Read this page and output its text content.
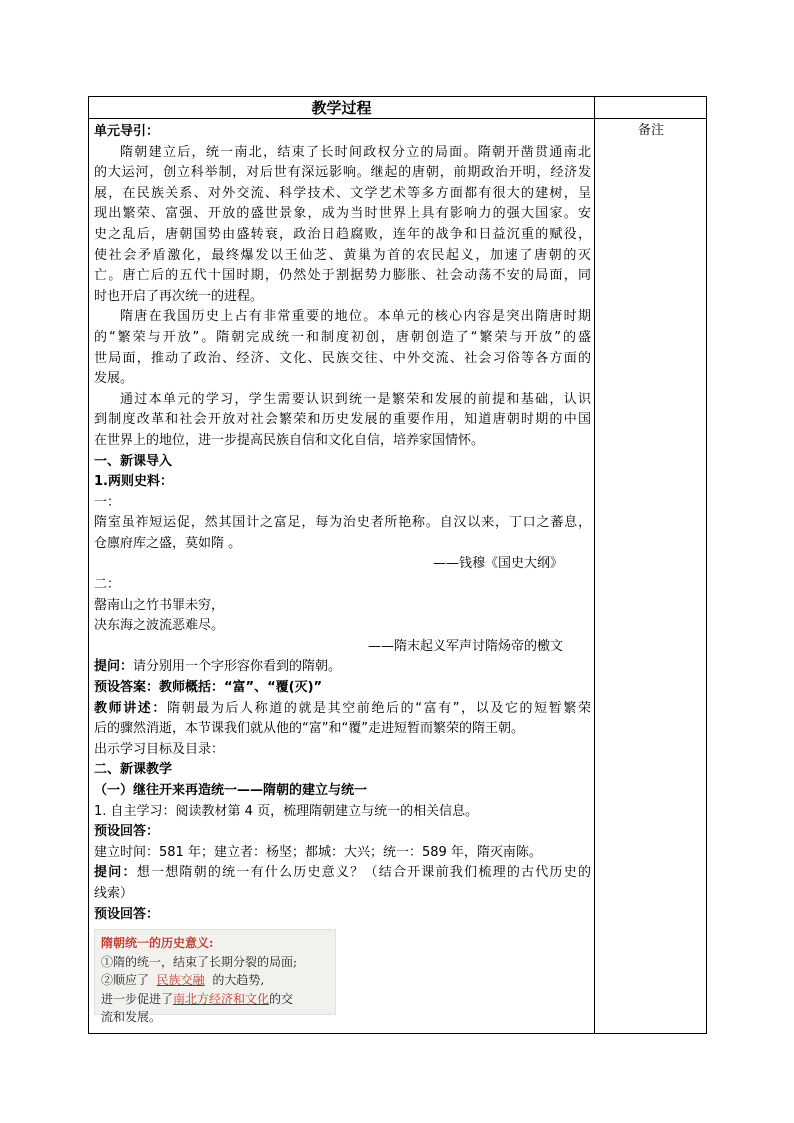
教学过程
备注
单元导引：
隋朝建立后，统一南北，结束了长时间政权分立的局面。隋朝开凿贯通南北
的大运河，创立科举制，对后世有深远影响。继起的唐朝，前期政治开明，经济发
展，在民族关系、对外交流、科学技术、文学艺术等多方面都有很大的建树，呈
现出繁荣、富强、开放的盛世景象，成为当时世界上具有影响力的强大国家。安
史之乱后，唐朝国势由盛转衰，政治日趋腐败，连年的战争和日益沉重的赋役，
使社会矛盾激化，最终爆发以王仙芝、黄巢为首的农民起义，加速了唐朝的灭
亡。唐亡后的五代十国时期，仍然处于割据势力膨胀、社会动荡不安的局面，同
时也开启了再次统一的进程。
隋唐在我国历史上占有非常重要的地位。本单元的核心内容是突出隋唐时期
的“繁荣与开放”。隋朝完成统一和制度初创，唐朝创造了“繁荣与开放”的盛
世局面，推动了政治、经济、文化、民族交往、中外交流、社会习俗等各方面的
发展。
通过本单元的学习，学生需要认识到统一是繁荣和发展的前提和基础，认识
到制度改革和社会开放对社会繁荣和历史发展的重要作用，知道唐朝时期的中国
在世界上的地位，进一步提高民族自信和文化自信，培养家国情怀。
一、新课导入
1.两则史料：
一：
隋室虽祚短运促，然其国计之富足，每为治史者所艳称。自汉以来，丁口之蕃息，
仓廪府库之盛，莫如隋 。
——钱穆《国史大纲》
二：
罄南山之竹书罪未穷，
决东海之波流恶难尽。
——隋末起义军声讨隋炀帝的檄文
提问：请分别用一个字形容你看到的隋朝。
预设答案：教师概括：“富”、“覆(灭)”
教师讲述：隋朝最为后人称道的就是其空前绝后的“富有”，以及它的短暂繁荣
后的骤然消逝，本节课我们就从他的“富”和“覆”走进短暂而繁荣的隋王朝。
出示学习目标及目录：
二、新课教学
（一）继往开来再造统一——隋朝的建立与统一
1. 自主学习：阅读教材第 4 页，梳理隋朝建立与统一的相关信息。
预设回答：
建立时间：581 年；建立者：杨坚；都城：大兴；统一：589 年，隋灭南陈。
提问：想一想隋朝的统一有什么历史意义？（结合开课前我们梳理的古代历史的
线索）
预设回答：
隋朝统一的历史意义:
①隋的统一，结束了长期分裂的局面;
②顺应了 民族交融 的大趋势,
进一步促进了南北方经济和文化的交
流和发展。
